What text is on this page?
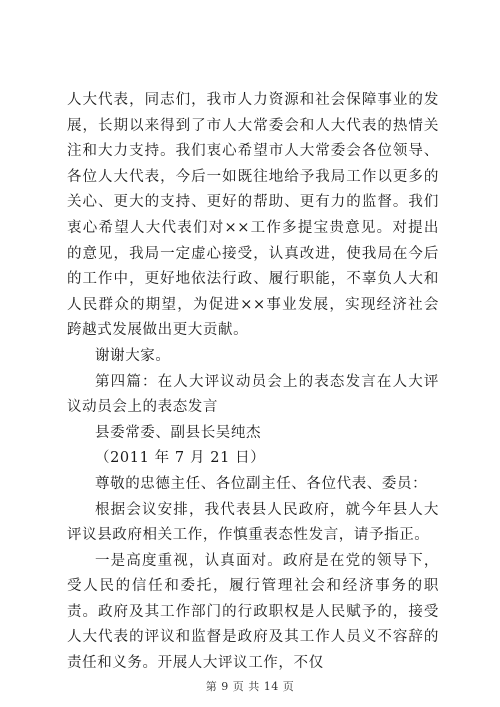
人大代表，同志们，我市人力资源和社会保障事业的发展，长期以来得到了市人大常委会和人大代表的热情关注和大力支持。我们衷心希望市人大常委会各位领导、各位人大代表，今后一如既往地给予我局工作以更多的关心、更大的支持、更好的帮助、更有力的监督。我们衷心希望人大代表们对××工作多提宝贵意见。对提出的意见，我局一定虚心接受，认真改进，使我局在今后的工作中，更好地依法行政、履行职能，不辜负人大和人民群众的期望，为促进××事业发展，实现经济社会跨越式发展做出更大贡献。

谢谢大家。

第四篇：在人大评议动员会上的表态发言在人大评议动员会上的表态发言

县委常委、副县长吴纯杰

（2011 年 7 月 21 日）

尊敬的忠德主任、各位副主任、各位代表、委员：

根据会议安排，我代表县人民政府，就今年县人大评议县政府相关工作，作慎重表态性发言，请予指正。

一是高度重视，认真面对。政府是在党的领导下，受人民的信任和委托，履行管理社会和经济事务的职责。政府及其工作部门的行政职权是人民赋予的，接受人大代表的评议和监督是政府及其工作人员义不容辞的责任和义务。开展人大评议工作，不仅

第 9 页 共 14 页
